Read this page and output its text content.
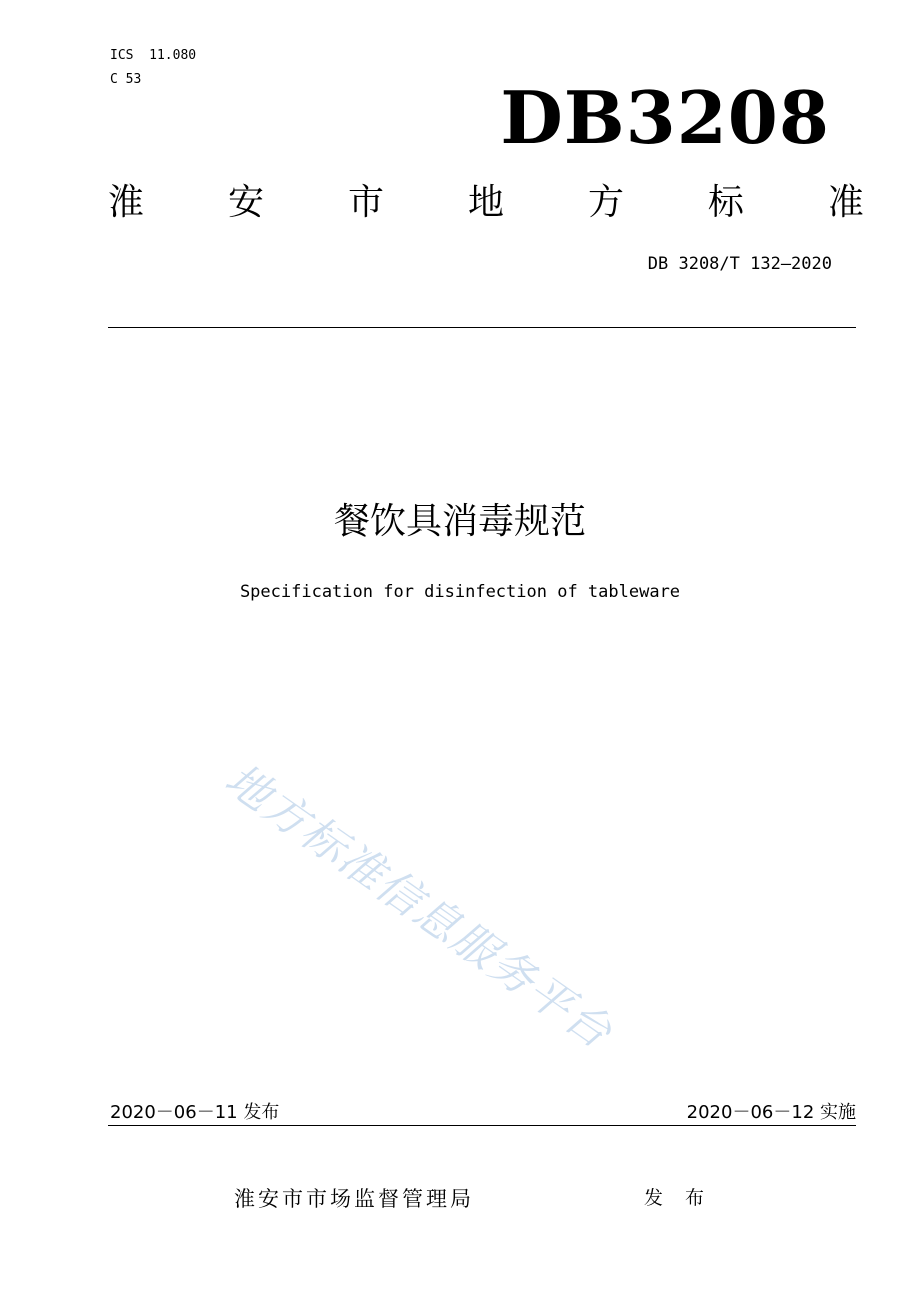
ICS  11.080
C 53	DB3208
淮 安 市 地 方 标 准
DB 3208/T 132—2020
餐饮具消毒规范
Specification for disinfection of tableware
地方标准信息服务平台
2020－06－11 发布	2020－06－12 实施
淮安市市场监督管理局	发 布
